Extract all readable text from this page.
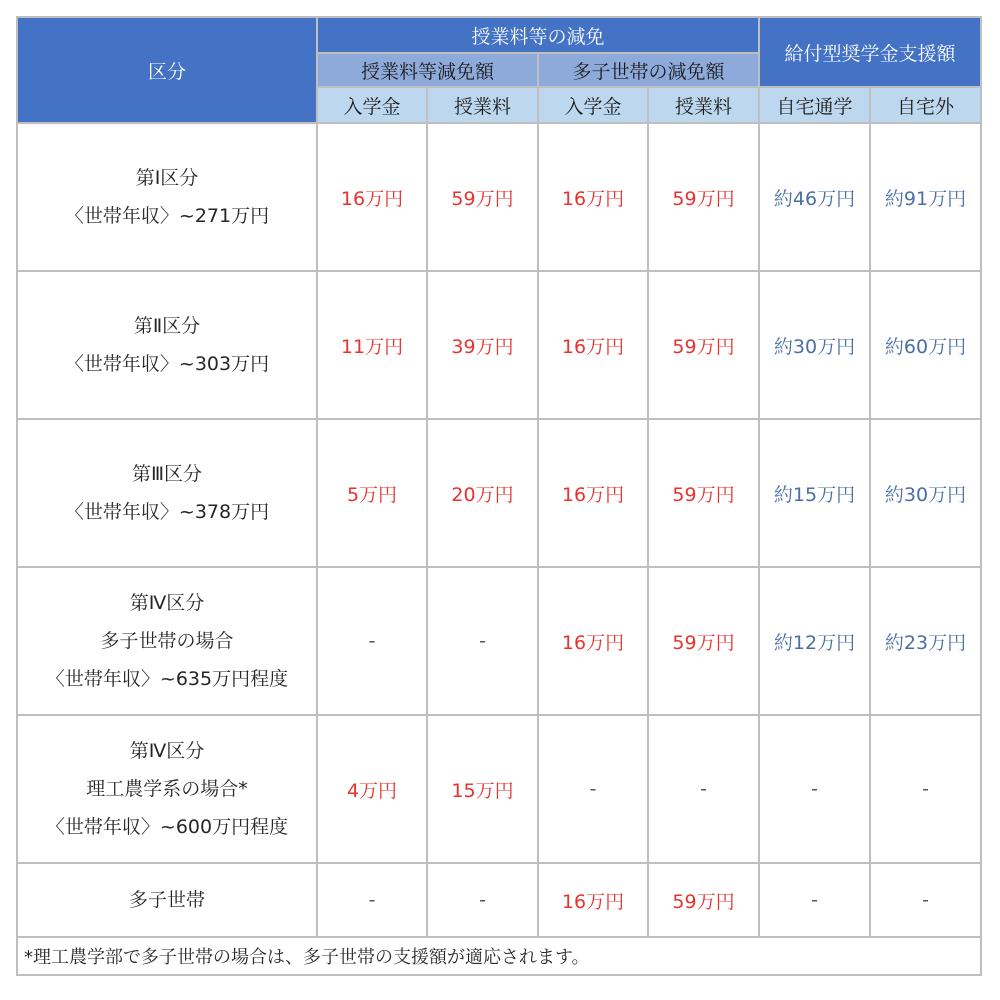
区分	授業料等の減免				給付型奨学金支援額	
	授業料等減免額		多子世帯の減免額			
	入学金	授業料	入学金	授業料	自宅通学	自宅外

第Ⅰ区分
〈世帯年収〉~271万円	16万円	59万円	16万円	59万円	約46万円	約91万円

第Ⅱ区分
〈世帯年収〉~303万円	11万円	39万円	16万円	59万円	約30万円	約60万円

第Ⅲ区分
〈世帯年収〉~378万円	5万円	20万円	16万円	59万円	約15万円	約30万円

第Ⅳ区分
多子世帯の場合
〈世帯年収〉~635万円程度	-	-	16万円	59万円	約12万円	約23万円

第Ⅳ区分
理工農学系の場合*
〈世帯年収〉~600万円程度	4万円	15万円	-	-	-	-

多子世帯	-	-	16万円	59万円	-	-
*理工農学部で多子世帯の場合は、多子世帯の支援額が適応されます。						
